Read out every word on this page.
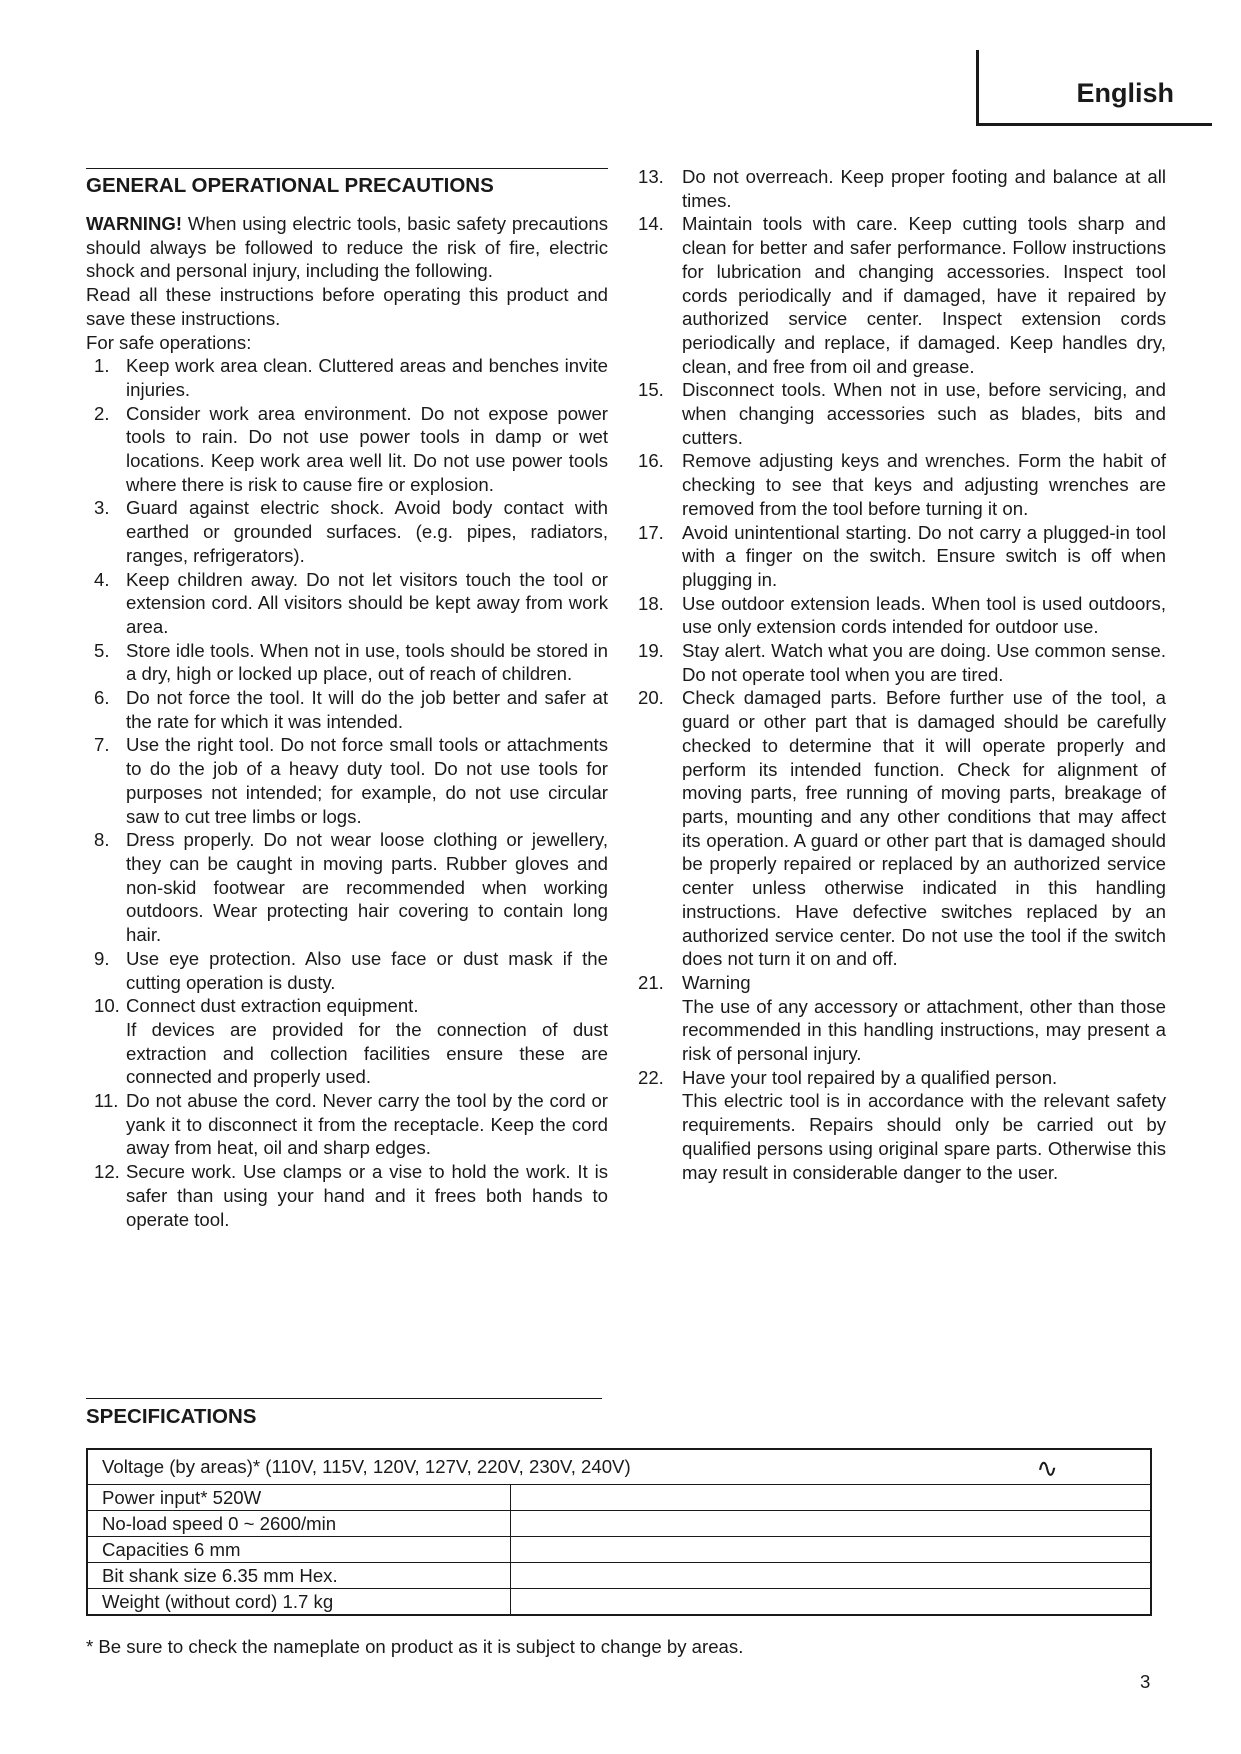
English
GENERAL OPERATIONAL PRECAUTIONS
WARNING! When using electric tools, basic safety precautions should always be followed to reduce the risk of fire, electric shock and personal injury, including the following.
Read all these instructions before operating this product and save these instructions.
For safe operations:
1. Keep work area clean. Cluttered areas and benches invite injuries.
2. Consider work area environment. Do not expose power tools to rain. Do not use power tools in damp or wet locations. Keep work area well lit. Do not use power tools where there is risk to cause fire or explosion.
3. Guard against electric shock. Avoid body contact with earthed or grounded surfaces. (e.g. pipes, radiators, ranges, refrigerators).
4. Keep children away. Do not let visitors touch the tool or extension cord. All visitors should be kept away from work area.
5. Store idle tools. When not in use, tools should be stored in a dry, high or locked up place, out of reach of children.
6. Do not force the tool. It will do the job better and safer at the rate for which it was intended.
7. Use the right tool. Do not force small tools or attachments to do the job of a heavy duty tool. Do not use tools for purposes not intended; for example, do not use circular saw to cut tree limbs or logs.
8. Dress properly. Do not wear loose clothing or jewellery, they can be caught in moving parts. Rubber gloves and non-skid footwear are recommended when working outdoors. Wear protecting hair covering to contain long hair.
9. Use eye protection. Also use face or dust mask if the cutting operation is dusty.
10. Connect dust extraction equipment.
If devices are provided for the connection of dust extraction and collection facilities ensure these are connected and properly used.
11. Do not abuse the cord. Never carry the tool by the cord or yank it to disconnect it from the receptacle. Keep the cord away from heat, oil and sharp edges.
12. Secure work. Use clamps or a vise to hold the work. It is safer than using your hand and it frees both hands to operate tool.
13. Do not overreach. Keep proper footing and balance at all times.
14. Maintain tools with care. Keep cutting tools sharp and clean for better and safer performance. Follow instructions for lubrication and changing accessories. Inspect tool cords periodically and if damaged, have it repaired by authorized service center. Inspect extension cords periodically and replace, if damaged. Keep handles dry, clean, and free from oil and grease.
15. Disconnect tools. When not in use, before servicing, and when changing accessories such as blades, bits and cutters.
16. Remove adjusting keys and wrenches. Form the habit of checking to see that keys and adjusting wrenches are removed from the tool before turning it on.
17. Avoid unintentional starting. Do not carry a plugged-in tool with a finger on the switch. Ensure switch is off when plugging in.
18. Use outdoor extension leads. When tool is used outdoors, use only extension cords intended for outdoor use.
19. Stay alert. Watch what you are doing. Use common sense. Do not operate tool when you are tired.
20. Check damaged parts. Before further use of the tool, a guard or other part that is damaged should be carefully checked to determine that it will operate properly and perform its intended function. Check for alignment of moving parts, free running of moving parts, breakage of parts, mounting and any other conditions that may affect its operation. A guard or other part that is damaged should be properly repaired or replaced by an authorized service center unless otherwise indicated in this handling instructions. Have defective switches replaced by an authorized service center. Do not use the tool if the switch does not turn it on and off.
21. Warning
The use of any accessory or attachment, other than those recommended in this handling instructions, may present a risk of personal injury.
22. Have your tool repaired by a qualified person.
This electric tool is in accordance with the relevant safety requirements. Repairs should only be carried out by qualified persons using original spare parts. Otherwise this may result in considerable danger to the user.
SPECIFICATIONS
Voltage (by areas)* (110V, 115V, 120V, 127V, 220V, 230V, 240V) ∿	

Power input* 520W	
No-load speed 0 ~ 2600/min	
Capacities 6 mm	
Bit shank size 6.35 mm Hex.	
Weight (without cord) 1.7 kg	
* Be sure to check the nameplate on product as it is subject to change by areas.
3
